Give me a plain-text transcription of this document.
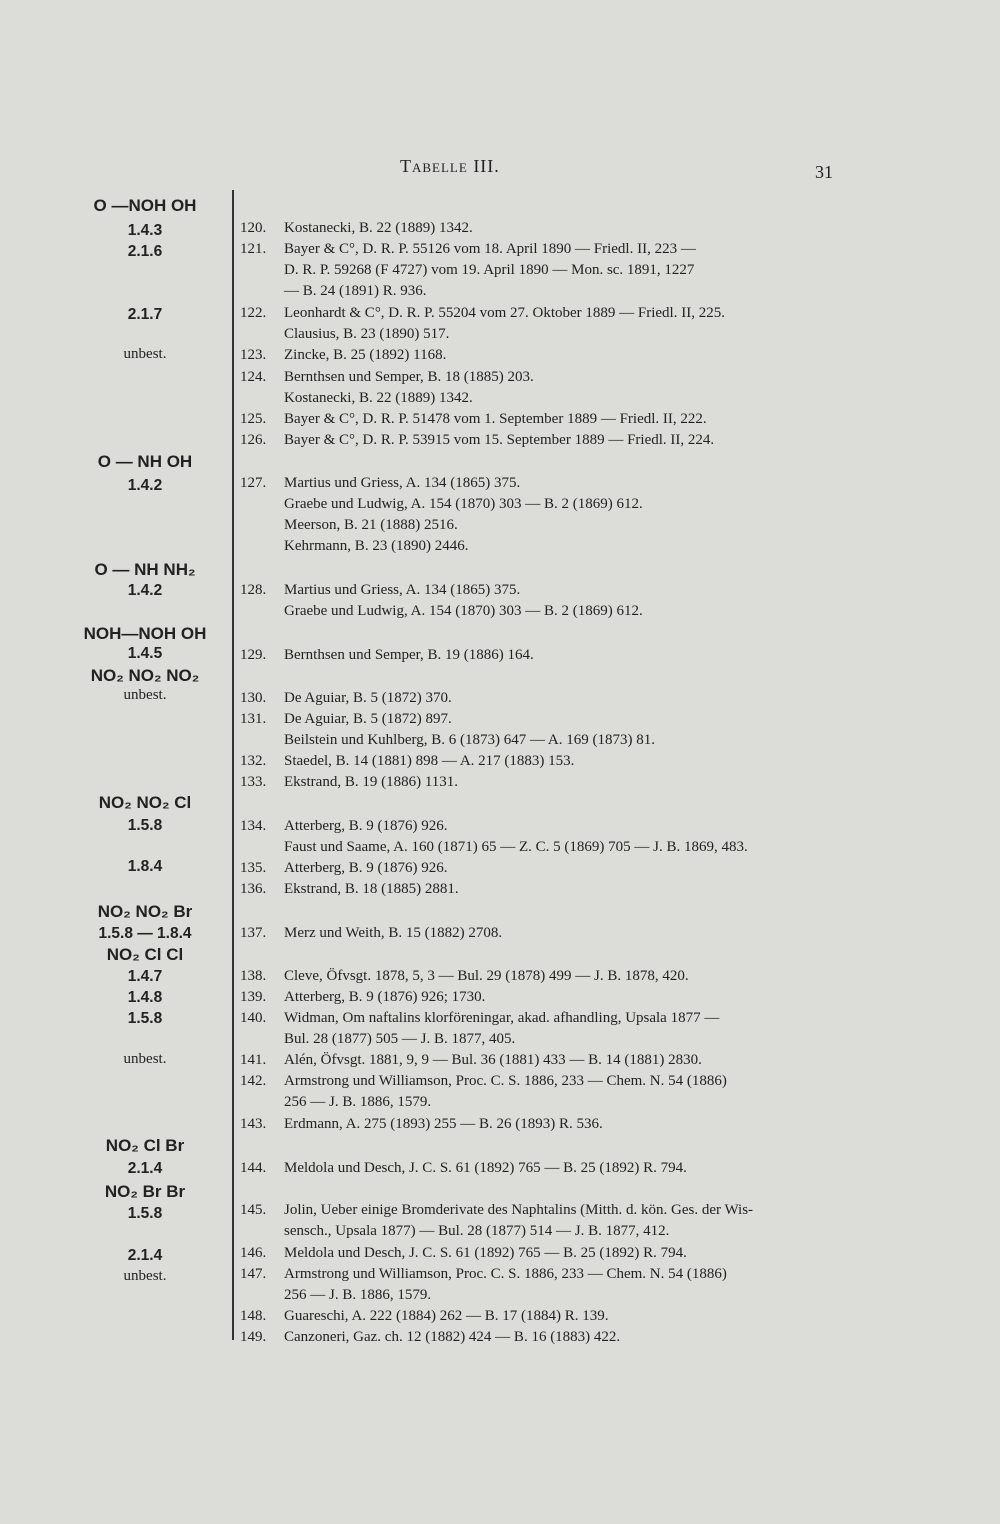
Tabelle III.	31
O —NOH OH
1.4.3
2.1.6
2.1.7
unbest.
O — NH OH
1.4.2
O — NH NH₂
1.4.2
NOH—NOH OH
1.4.5
NO₂ NO₂ NO₂
unbest.
NO₂ NO₂ Cl
1.5.8
1.8.4
NO₂ NO₂ Br
1.5.8 — 1.8.4
NO₂ Cl Cl
1.4.7
1.4.8
1.5.8
unbest.
NO₂ Cl Br
2.1.4
NO₂ Br Br
1.5.8
2.1.4
unbest.
120. Kostanecki, B. 22 (1889) 1342.
121. Bayer & C°, D. R. P. 55126 vom 18. April 1890 — Friedl. II, 223 —
D. R. P. 59268 (F 4727) vom 19. April 1890 — Mon. sc. 1891, 1227
— B. 24 (1891) R. 936.
122. Leonhardt & C°, D. R. P. 55204 vom 27. Oktober 1889 — Friedl. II, 225.
Clausius, B. 23 (1890) 517.
123. Zincke, B. 25 (1892) 1168.
124. Bernthsen und Semper, B. 18 (1885) 203.
Kostanecki, B. 22 (1889) 1342.
125. Bayer & C°, D. R. P. 51478 vom 1. September 1889 — Friedl. II, 222.
126. Bayer & C°, D. R. P. 53915 vom 15. September 1889 — Friedl. II, 224.
127. Martius und Griess, A. 134 (1865) 375.
Graebe und Ludwig, A. 154 (1870) 303 — B. 2 (1869) 612.
Meerson, B. 21 (1888) 2516.
Kehrmann, B. 23 (1890) 2446.
128. Martius und Griess, A. 134 (1865) 375.
Graebe und Ludwig, A. 154 (1870) 303 — B. 2 (1869) 612.
129. Bernthsen und Semper, B. 19 (1886) 164.
130. De Aguiar, B. 5 (1872) 370.
131. De Aguiar, B. 5 (1872) 897.
Beilstein und Kuhlberg, B. 6 (1873) 647 — A. 169 (1873) 81.
132. Staedel, B. 14 (1881) 898 — A. 217 (1883) 153.
133. Ekstrand, B. 19 (1886) 1131.
134. Atterberg, B. 9 (1876) 926.
Faust und Saame, A. 160 (1871) 65 — Z. C. 5 (1869) 705 — J. B. 1869, 483.
135. Atterberg, B. 9 (1876) 926.
136. Ekstrand, B. 18 (1885) 2881.
137. Merz und Weith, B. 15 (1882) 2708.
138. Cleve, Öfvsgt. 1878, 5, 3 — Bul. 29 (1878) 499 — J. B. 1878, 420.
139. Atterberg, B. 9 (1876) 926; 1730.
140. Widman, Om naftalins klorföreningar, akad. afhandling, Upsala 1877 —
Bul. 28 (1877) 505 — J. B. 1877, 405.
141. Alén, Öfvsgt. 1881, 9, 9 — Bul. 36 (1881) 433 — B. 14 (1881) 2830.
142. Armstrong und Williamson, Proc. C. S. 1886, 233 — Chem. N. 54 (1886)
256 — J. B. 1886, 1579.
143. Erdmann, A. 275 (1893) 255 — B. 26 (1893) R. 536.
144. Meldola und Desch, J. C. S. 61 (1892) 765 — B. 25 (1892) R. 794.
145. Jolin, Ueber einige Bromderivate des Naphtalins (Mitth. d. kön. Ges. der Wis-
sensch., Upsala 1877) — Bul. 28 (1877) 514 — J. B. 1877, 412.
146. Meldola und Desch, J. C. S. 61 (1892) 765 — B. 25 (1892) R. 794.
147. Armstrong und Williamson, Proc. C. S. 1886, 233 — Chem. N. 54 (1886)
256 — J. B. 1886, 1579.
148. Guareschi, A. 222 (1884) 262 — B. 17 (1884) R. 139.
149. Canzoneri, Gaz. ch. 12 (1882) 424 — B. 16 (1883) 422.
